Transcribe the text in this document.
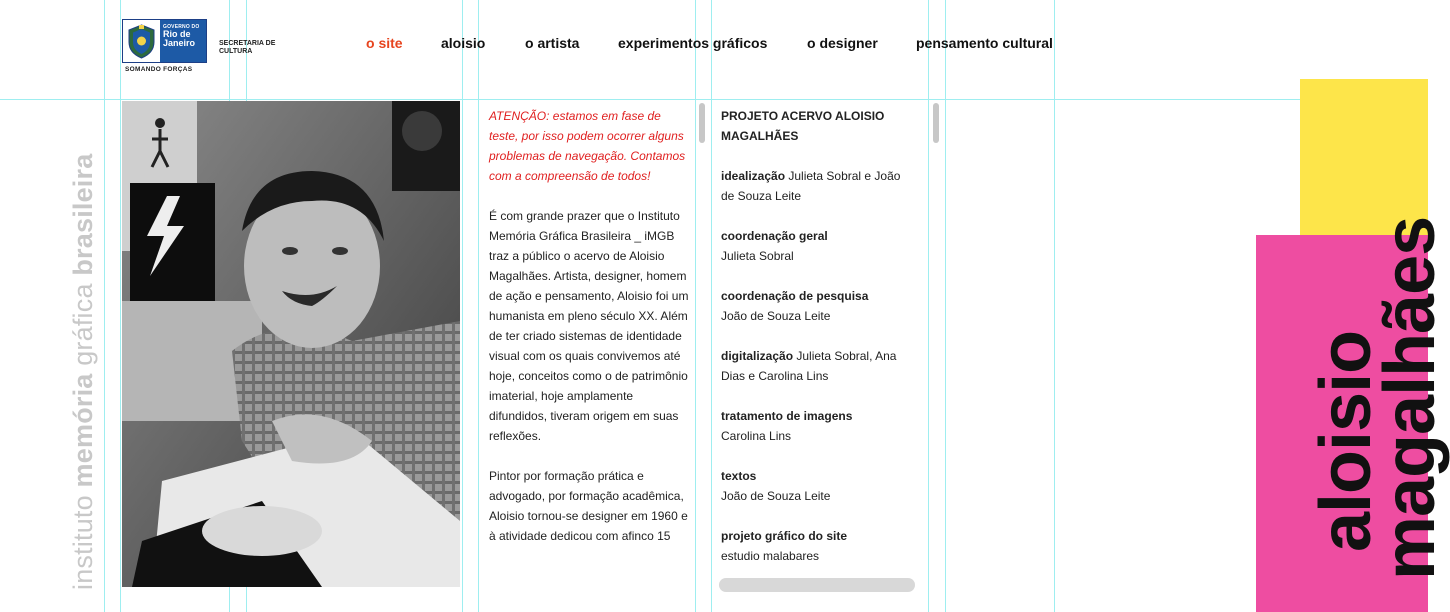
GOVERNO DO
Rio de Janeiro
SOMANDO FORÇAS
SECRETARIA DE CULTURA
o site	aloisio	o artista	experimentos gráficos	o designer	pensamento cultural
instituto memória gráfica brasileira

ATENÇÃO: estamos em fase de teste, por isso podem ocorrer alguns problemas de navegação. Contamos com a compreensão de todos!

É com grande prazer que o Instituto Memória Gráfica Brasileira _ iMGB traz a público o acervo de Aloisio Magalhães. Artista, designer, homem de ação e pensamento, Aloisio foi um humanista em pleno século XX. Além de ter criado sistemas de identidade visual com os quais convivemos até hoje, conceitos como o de patrimônio imaterial, hoje amplamente difundidos, tiveram origem em suas reflexões.

Pintor por formação prática e advogado, por formação acadêmica, Aloisio tornou-se designer em 1960 e à atividade dedicou com afinco 15

PROJETO ACERVO ALOISIO MAGALHÃES

idealização Julieta Sobral e João de Souza Leite

coordenação geral
Julieta Sobral

coordenação de pesquisa
João de Souza Leite

digitalização Julieta Sobral, Ana Dias e Carolina Lins

tratamento de imagens
Carolina Lins

textos
João de Souza Leite

projeto gráfico do site
estudio malabares

aloisio
magalhães
